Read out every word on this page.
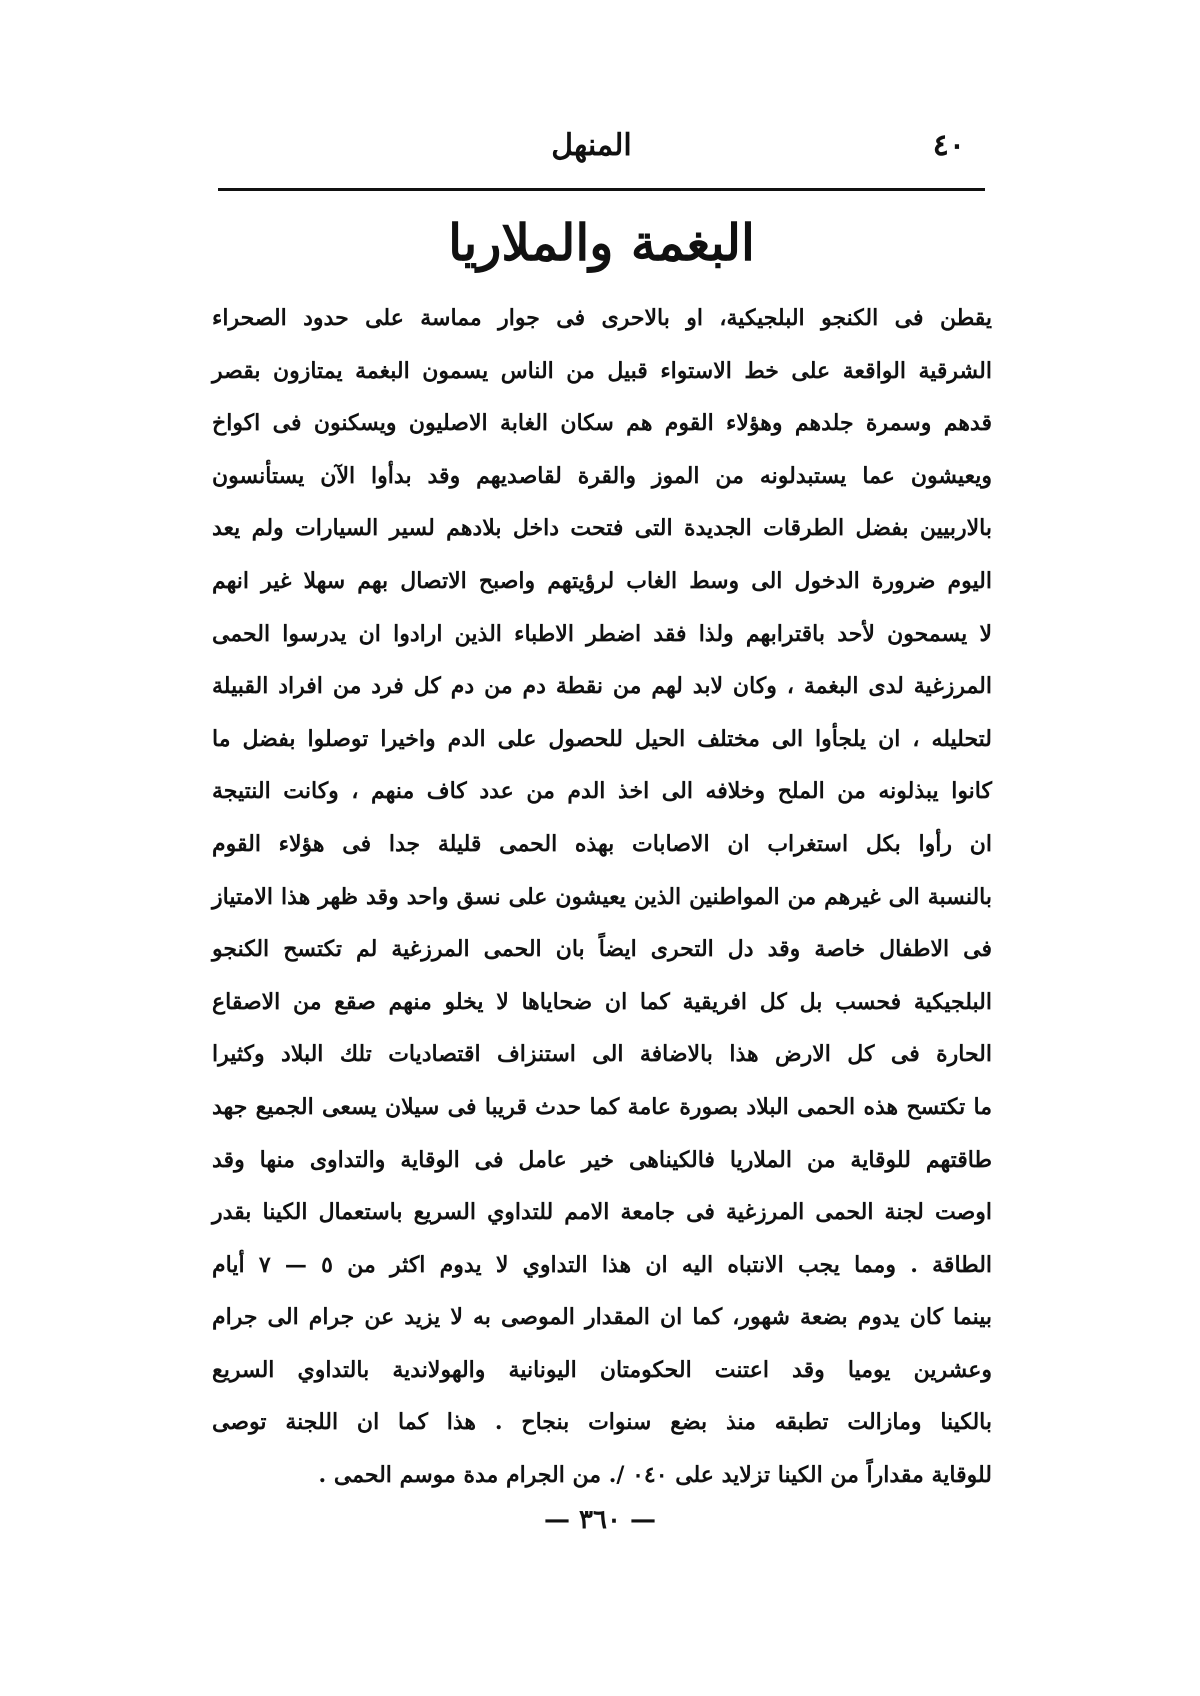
٤٠
المنهل
البغمة والملاريا
يقطن فى الكنجو البلجيكية، او بالاحرى فى جوار مماسة على حدود الصحراء
الشرقية الواقعة على خط الاستواء قبيل من الناس يسمون البغمة يمتازون بقصر
قدهم وسمرة جلدهم وهؤلاء القوم هم سكان الغابة الاصليون ويسكنون فى اكواخ
ويعيشون عما يستبدلونه من الموز والقرة لقاصديهم وقد بدأوا الآن يستأنسون
بالاربيين بفضل الطرقات الجديدة التى فتحت داخل بلادهم لسير السيارات ولم يعد
اليوم ضرورة الدخول الى وسط الغاب لرؤيتهم واصبح الاتصال بهم سهلا غير انهم
لا يسمحون لأحد باقترابهم ولذا فقد اضطر الاطباء الذين ارادوا ان يدرسوا الحمى
المرزغية لدى البغمة ، وكان لابد لهم من نقطة دم من دم كل فرد من افراد القبيلة
لتحليله ، ان يلجأوا الى مختلف الحيل للحصول على الدم واخيرا توصلوا بفضل ما
كانوا يبذلونه من الملح وخلافه الى اخذ الدم من عدد كاف منهم ، وكانت النتيجة
ان رأوا بكل استغراب ان الاصابات بهذه الحمى قليلة جدا فى هؤلاء القوم
بالنسبة الى غيرهم من المواطنين الذين يعيشون على نسق واحد وقد ظهر هذا الامتياز
فى الاطفال خاصة وقد دل التحرى ايضاً بان الحمى المرزغية لم تكتسح الكنجو
البلجيكية فحسب بل كل افريقية كما ان ضحاياها لا يخلو منهم صقع من الاصقاع
الحارة فى كل الارض هذا بالاضافة الى استنزاف اقتصاديات تلك البلاد وكثيرا
ما تكتسح هذه الحمى البلاد بصورة عامة كما حدث قريبا فى سيلان يسعى الجميع جهد
طاقتهم للوقاية من الملاريا فالكيناهى خير عامل فى الوقاية والتداوى منها وقد
اوصت لجنة الحمى المرزغية فى جامعة الامم للتداوي السريع باستعمال الكينا بقدر
الطاقة . ومما يجب الانتباه اليه ان هذا التداوي لا يدوم اكثر من ٥ — ٧ أيام
بينما كان يدوم بضعة شهور، كما ان المقدار الموصى به لا يزيد عن جرام الى جرام
وعشرين يوميا وقد اعتنت الحكومتان اليونانية والهولاندية بالتداوي السريع
بالكينا ومازالت تطبقه منذ بضع سنوات بنجاح . هذا كما ان اللجنة توصى
للوقاية مقداراً من الكينا تزلايد على ٠٤٠ /. من الجرام مدة موسم الحمى .
— ٣٦٠ —
